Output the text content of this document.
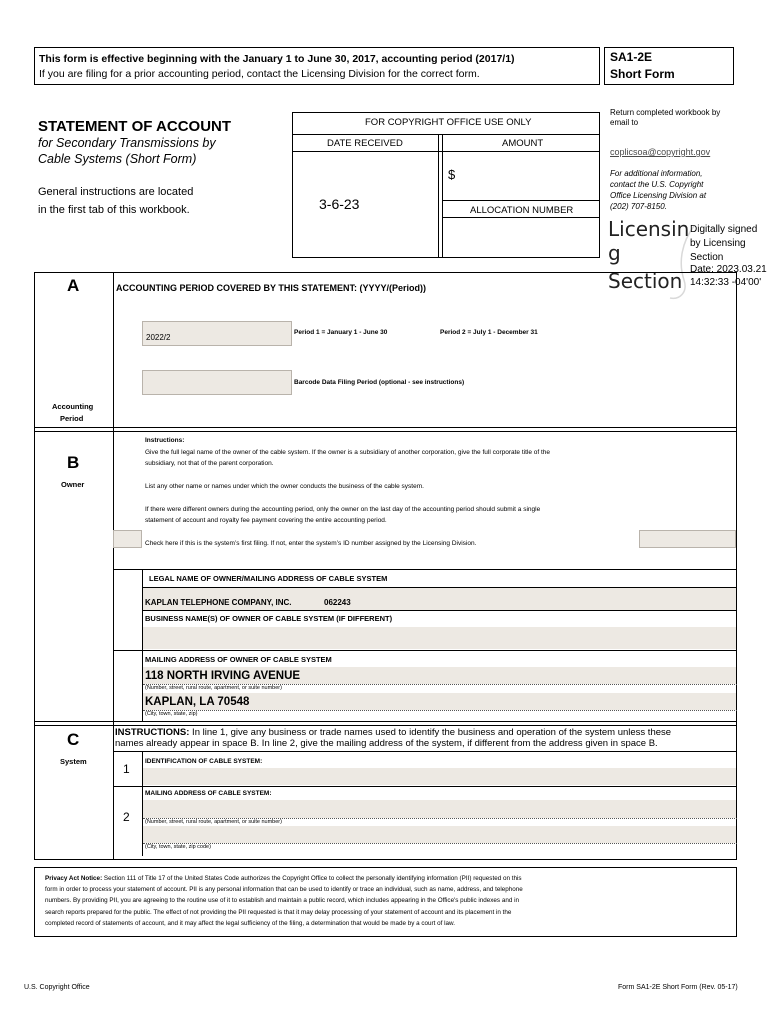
This form is effective beginning with the January 1 to June 30, 2017, accounting period (2017/1)
If you are filing for a prior accounting period, contact the Licensing Division for the correct form.
SA1-2E
Short Form
STATEMENT OF ACCOUNT
for Secondary Transmissions by
Cable Systems (Short Form)
General instructions are located
in the first tab of this workbook.
FOR COPYRIGHT OFFICE USE ONLY
DATE RECEIVED	AMOUNT
3-6-23
$
ALLOCATION NUMBER
Return completed workbook by
email to
coplicsoa@copyright.gov
For additional information,
contact the U.S. Copyright
Office Licensing Division at
(202) 707-8150.
Licensin
g
Section
Digitally signed
by Licensing
Section
Date: 2023.03.21
14:32:33 -04'00'
A	ACCOUNTING PERIOD COVERED BY THIS STATEMENT: (YYYY/(Period))
2022/2
Period 1 = January 1 - June 30	Period 2 = July 1 - December 31
Barcode Data Filing Period (optional - see instructions)
Accounting
Period
B
Owner
Instructions:
Give the full legal name of the owner of the cable system. If the owner is a subsidiary of another corporation, give the full corporate title of the
subsidiary, not that of the parent corporation.
List any other name or names under which the owner conducts the business of the cable system.
If there were different owners during the accounting period, only the owner on the last day of the accounting period should submit a single
statement of account and royalty fee payment covering the entire accounting period.
Check here if this is the system’s first filing. If not, enter the system’s ID number assigned by the Licensing Division.
LEGAL NAME OF OWNER/MAILING ADDRESS OF CABLE SYSTEM
KAPLAN TELEPHONE COMPANY, INC.	062243
BUSINESS NAME(S) OF OWNER OF CABLE SYSTEM (IF DIFFERENT)
MAILING ADDRESS OF OWNER OF CABLE SYSTEM
118 NORTH IRVING AVENUE
(Number, street, rural route, apartment, or suite number)
KAPLAN, LA 70548
(City, town, state, zip)
C
System
INSTRUCTIONS: In line 1, give any business or trade names used to identify the business and operation of the system unless these
names already appear in space B. In line 2, give the mailing address of the system, if different from the address given in space B.
1
IDENTIFICATION OF CABLE SYSTEM:
2
MAILING ADDRESS OF CABLE SYSTEM:
(Number, street, rural route, apartment, or suite number)
(City, town, state, zip code)
Privacy Act Notice: Section 111 of Title 17 of the United States Code authorizes the Copyright Office to collect the personally identifying information (PII) requested on this
form in order to process your statement of account. PII is any personal information that can be used to identify or trace an individual, such as name, address, and telephone
numbers. By providing PII, you are agreeing to the routine use of it to establish and maintain a public record, which includes appearing in the Office's public indexes and in
search reports prepared for the public. The effect of not providing the PII requested is that it may delay processing of your statement of account and its placement in the
completed record of statements of account, and it may affect the legal sufficiency of the filing, a determination that would be made by a court of law.
U.S. Copyright Office	Form SA1-2E Short Form (Rev. 05-17)
